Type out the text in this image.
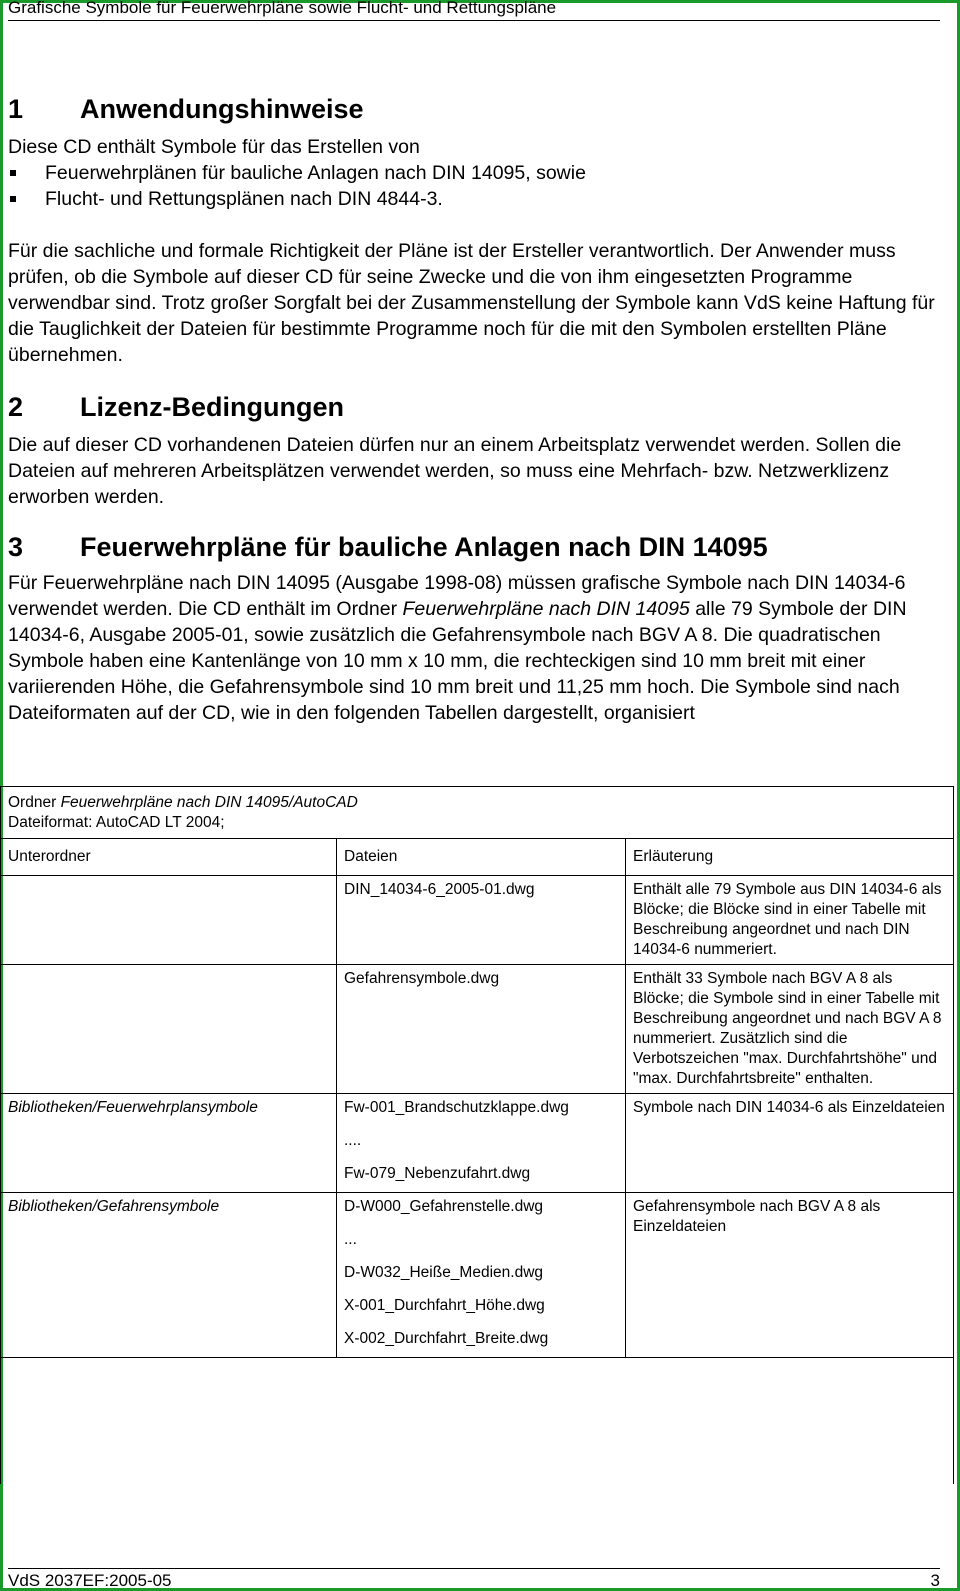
Grafische Symbole für Feuerwehrpläne sowie Flucht- und Rettungspläne
1 Anwendungshinweise
Diese CD enthält Symbole für das Erstellen von
Feuerwehrplänen für bauliche Anlagen nach DIN 14095, sowie
Flucht- und Rettungsplänen nach DIN 4844-3.

Für die sachliche und formale Richtigkeit der Pläne ist der Ersteller verantwortlich. Der Anwender muss prüfen, ob die Symbole auf dieser CD für seine Zwecke und die von ihm eingesetzten Programme verwendbar sind. Trotz großer Sorgfalt bei der Zusammenstellung der Symbole kann VdS keine Haftung für die Tauglichkeit der Dateien für bestimmte Programme noch für die mit den Symbolen erstellten Pläne übernehmen.

2 Lizenz-Bedingungen

Die auf dieser CD vorhandenen Dateien dürfen nur an einem Arbeitsplatz verwendet werden. Sollen die Dateien auf mehreren Arbeitsplätzen verwendet werden, so muss eine Mehrfach- bzw. Netzwerklizenz erworben werden.

3 Feuerwehrpläne für bauliche Anlagen nach DIN 14095

Für Feuerwehrpläne nach DIN 14095 (Ausgabe 1998-08) müssen grafische Symbole nach DIN 14034-6 verwendet werden. Die CD enthält im Ordner Feuerwehrpläne nach DIN 14095 alle 79 Symbole der DIN 14034-6, Ausgabe 2005-01, sowie zusätzlich die Gefahrensymbole nach BGV A 8. Die quadratischen Symbole haben eine Kantenlänge von 10 mm x 10 mm, die rechteckigen sind 10 mm breit mit einer variierenden Höhe, die Gefahrensymbole sind 10 mm breit und 11,25 mm hoch. Die Symbole sind nach Dateiformaten auf der CD, wie in den folgenden Tabellen dargestellt, organisiert

Ordner Feuerwehrpläne nach DIN 14095/AutoCAD
Dateiformat: AutoCAD LT 2004;		
Unterordner	Dateien	Erläuterung

	DIN_14034-6_2005-01.dwg	Enthält alle 79 Symbole aus DIN 14034-6 als Blöcke; die Blöcke sind in einer Tabelle mit Beschreibung angeordnet und nach DIN 14034-6 nummeriert.

	Gefahrensymbole.dwg	Enthält 33 Symbole nach BGV A 8 als Blöcke; die Symbole sind in einer Tabelle mit Beschreibung angeordnet und nach BGV A 8 nummeriert. Zusätzlich sind die Verbotszeichen "max. Durchfahrtshöhe" und "max. Durchfahrtsbreite" enthalten.
Bibliotheken/Feuerwehrplansymbole	Fw-001_Brandschutzklappe.dwg
....
Fw-079_Nebenzufahrt.dwg	Symbole nach DIN 14034-6 als Einzeldateien
Bibliotheken/Gefahrensymbole	D-W000_Gefahrenstelle.dwg
...
D-W032_Heiße_Medien.dwg
X-001_Durchfahrt_Höhe.dwg
X-002_Durchfahrt_Breite.dwg	Gefahrensymbole nach BGV A 8 als Einzeldateien

VdS 2037EF:2005-05	3
